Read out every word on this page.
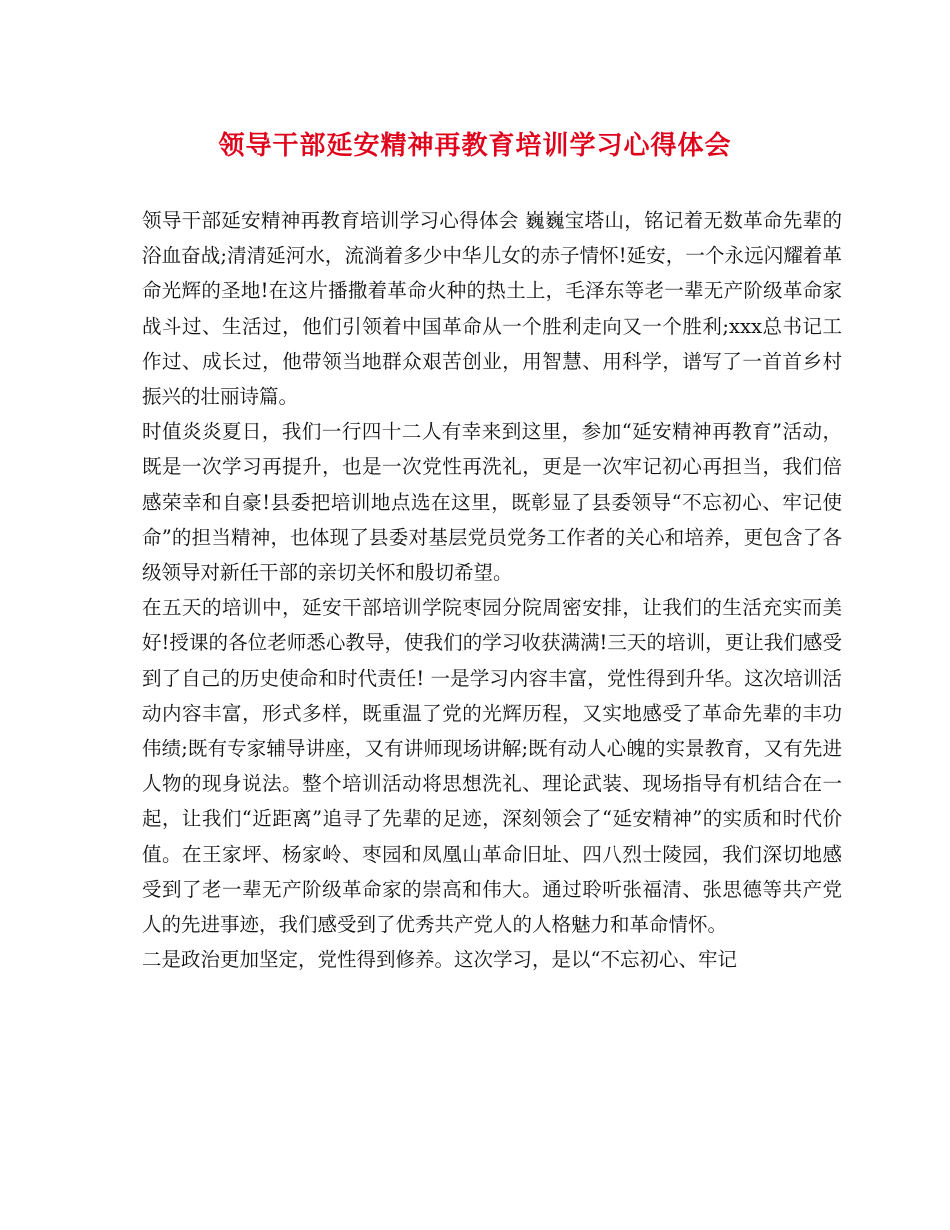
领导干部延安精神再教育培训学习心得体会

领导干部延安精神再教育培训学习心得体会 巍巍宝塔山，铭记着无数革命先辈的浴血奋战;清清延河水，流淌着多少中华儿女的赤子情怀!延安，一个永远闪耀着革命光辉的圣地!在这片播撒着革命火种的热土上，毛泽东等老一辈无产阶级革命家战斗过、生活过，他们引领着中国革命从一个胜利走向又一个胜利;xxx总书记工作过、成长过，他带领当地群众艰苦创业，用智慧、用科学，谱写了一首首乡村振兴的壮丽诗篇。

时值炎炎夏日，我们一行四十二人有幸来到这里，参加“延安精神再教育”活动，既是一次学习再提升，也是一次党性再洗礼，更是一次牢记初心再担当，我们倍感荣幸和自豪!县委把培训地点选在这里，既彰显了县委领导“不忘初心、牢记使命”的担当精神，也体现了县委对基层党员党务工作者的关心和培养，更包含了各级领导对新任干部的亲切关怀和殷切希望。

在五天的培训中，延安干部培训学院枣园分院周密安排，让我们的生活充实而美好!授课的各位老师悉心教导，使我们的学习收获满满!三天的培训，更让我们感受到了自己的历史使命和时代责任! 一是学习内容丰富，党性得到升华。这次培训活动内容丰富，形式多样，既重温了党的光辉历程，又实地感受了革命先辈的丰功伟绩;既有专家辅导讲座，又有讲师现场讲解;既有动人心魄的实景教育，又有先进人物的现身说法。整个培训活动将思想洗礼、理论武装、现场指导有机结合在一起，让我们“近距离”追寻了先辈的足迹，深刻领会了“延安精神”的实质和时代价值。在王家坪、杨家岭、枣园和凤凰山革命旧址、四八烈士陵园，我们深切地感受到了老一辈无产阶级革命家的崇高和伟大。通过聆听张福清、张思德等共产党人的先进事迹，我们感受到了优秀共产党人的人格魅力和革命情怀。

二是政治更加坚定，党性得到修养。这次学习，是以“不忘初心、牢记
